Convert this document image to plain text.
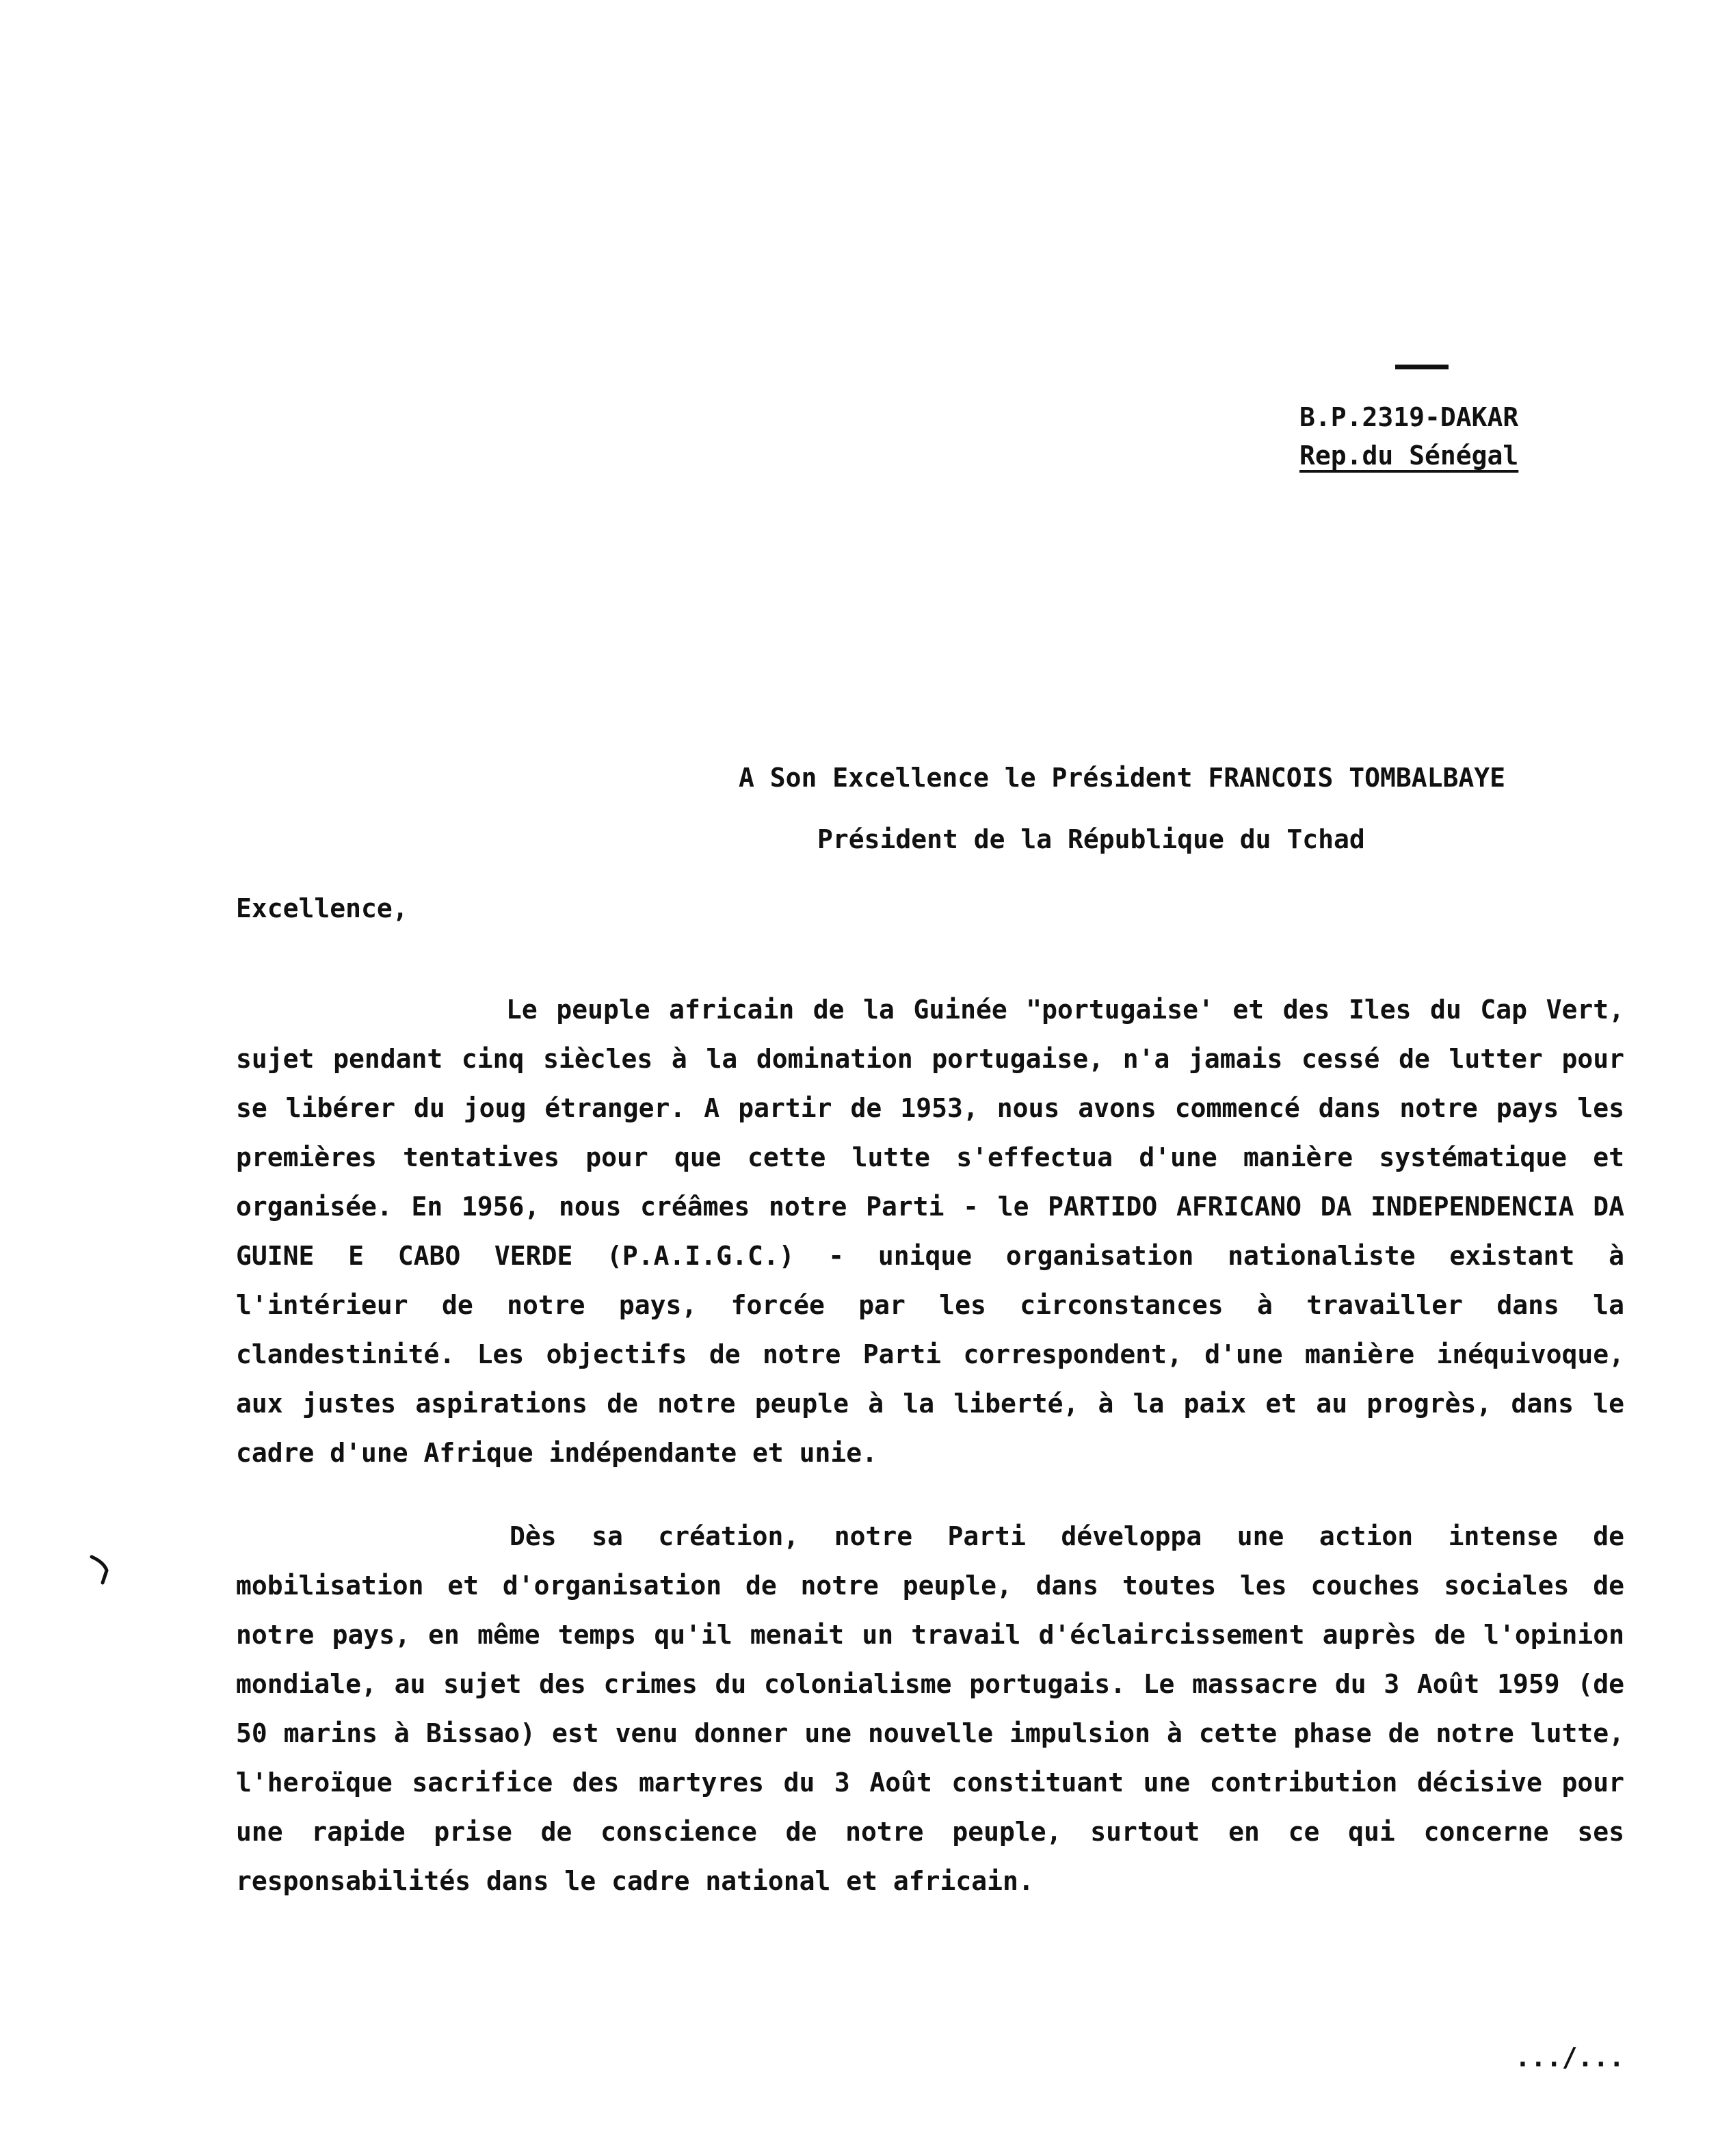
B.P.2319-DAKAR
Rep.du Sénégal
A Son Excellence le Président FRANCOIS TOMBALBAYE
Président de la République du Tchad
Excellence,
Le peuple africain de la Guinée "portugaise' et des Iles du Cap Vert, sujet pendant cinq siècles à la domination portugaise, n'a jamais cessé de lutter pour se libérer du joug étranger. A partir de 1953, nous avons commencé dans notre pays les premières tentatives pour que cette lutte s'effectua d'une manière systématique et organisée. En 1956, nous créâmes notre Parti - le PARTIDO AFRICANO DA INDEPENDENCIA DA GUINE E CABO VERDE (P.A.I.G.C.) - unique organisation nationaliste existant à l'intérieur de notre pays, forcée par les circonstances à travailler dans la clandestinité. Les objectifs de notre Parti correspondent, d'une manière inéquivoque, aux justes aspirations de notre peuple à la liberté, à la paix et au progrès, dans le cadre d'une Afrique indépendante et unie.
Dès sa création, notre Parti développa une action intense de mobilisation et d'organisation de notre peuple, dans toutes les couches sociales de notre pays, en même temps qu'il menait un travail d'éclaircissement auprès de l'opinion mondiale, au sujet des crimes du colonialisme portugais. Le massacre du 3 Août 1959 (de 50 marins à Bissao) est venu donner une nouvelle impulsion à cette phase de notre lutte, l'heroïque sacrifice des martyres du 3 Août constituant une contribution décisive pour une rapide prise de conscience de notre peuple, surtout en ce qui concerne ses responsabilités dans le cadre national et africain.
.../...
